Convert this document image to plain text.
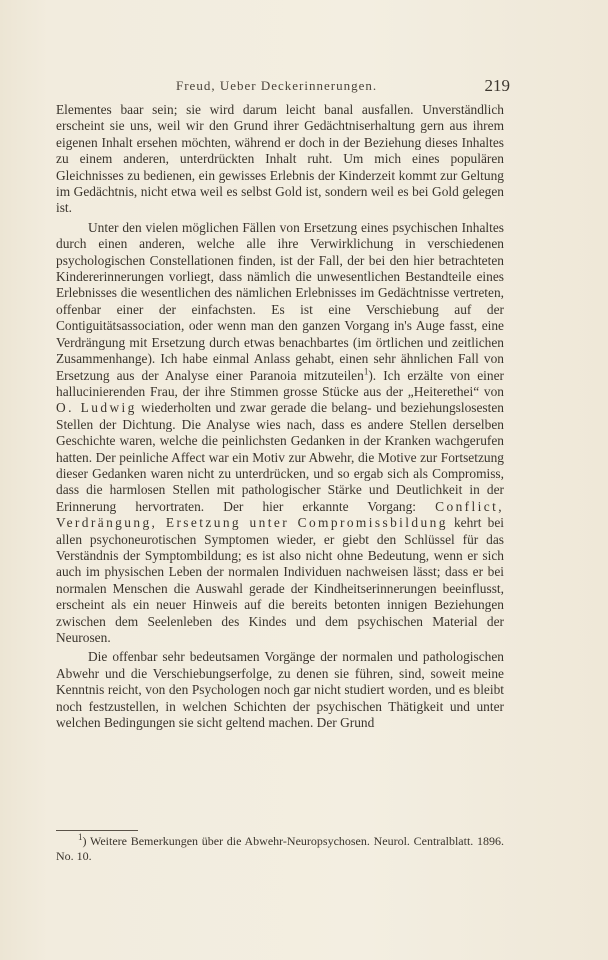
Freud, Ueber Deckerinnerungen.	219

Elementes baar sein; sie wird darum leicht banal ausfallen. Unverständlich erscheint sie uns, weil wir den Grund ihrer Gedächtniserhaltung gern aus ihrem eigenen Inhalt ersehen möchten, während er doch in der Beziehung dieses Inhaltes zu einem anderen, unterdrückten Inhalt ruht. Um mich eines populären Gleichnisses zu bedienen, ein gewisses Erlebnis der Kinderzeit kommt zur Geltung im Gedächtnis, nicht etwa weil es selbst Gold ist, sondern weil es bei Gold gelegen ist.

Unter den vielen möglichen Fällen von Ersetzung eines psychischen Inhaltes durch einen anderen, welche alle ihre Verwirklichung in verschiedenen psychologischen Constellationen finden, ist der Fall, der bei den hier betrachteten Kindererinnerungen vorliegt, dass nämlich die unwesentlichen Bestandteile eines Erlebnisses die wesentlichen des nämlichen Erlebnisses im Gedächtnisse vertreten, offenbar einer der einfachsten. Es ist eine Verschiebung auf der Contiguitätsassociation, oder wenn man den ganzen Vorgang in's Auge fasst, eine Verdrängung mit Ersetzung durch etwas benachbartes (im örtlichen und zeitlichen Zusammenhange). Ich habe einmal Anlass gehabt, einen sehr ähnlichen Fall von Ersetzung aus der Analyse einer Paranoia mitzuteilen$^1$). Ich erzälte von einer hallucinierenden Frau, der ihre Stimmen grosse Stücke aus der „Heiterethei“ von O. Ludwig wiederholten und zwar gerade die belang- und beziehungslosesten Stellen der Dichtung. Die Analyse wies nach, dass es andere Stellen derselben Geschichte waren, welche die peinlichsten Gedanken in der Kranken wachgerufen hatten. Der peinliche Affect war ein Motiv zur Abwehr, die Motive zur Fortsetzung dieser Gedanken waren nicht zu unterdrücken, und so ergab sich als Compromiss, dass die harmlosen Stellen mit pathologischer Stärke und Deutlichkeit in der Erinnerung hervortraten. Der hier erkannte Vorgang: Conflict, Verdrängung, Ersetzung unter Compromissbildung kehrt bei allen psychoneurotischen Symptomen wieder, er giebt den Schlüssel für das Verständnis der Symptombildung; es ist also nicht ohne Bedeutung, wenn er sich auch im physischen Leben der normalen Individuen nachweisen lässt; dass er bei normalen Menschen die Auswahl gerade der Kindheitserinnerungen beeinflusst, erscheint als ein neuer Hinweis auf die bereits betonten innigen Beziehungen zwischen dem Seelenleben des Kindes und dem psychischen Material der Neurosen.

Die offenbar sehr bedeutsamen Vorgänge der normalen und pathologischen Abwehr und die Verschiebungserfolge, zu denen sie führen, sind, soweit meine Kenntnis reicht, von den Psychologen noch gar nicht studiert worden, und es bleibt noch festzustellen, in welchen Schichten der psychischen Thätigkeit und unter welchen Bedingungen sie sicht geltend machen. Der Grund

$^1$) Weitere Bemerkungen über die Abwehr-Neuropsychosen. Neurol. Centralblatt. 1896. No. 10.
